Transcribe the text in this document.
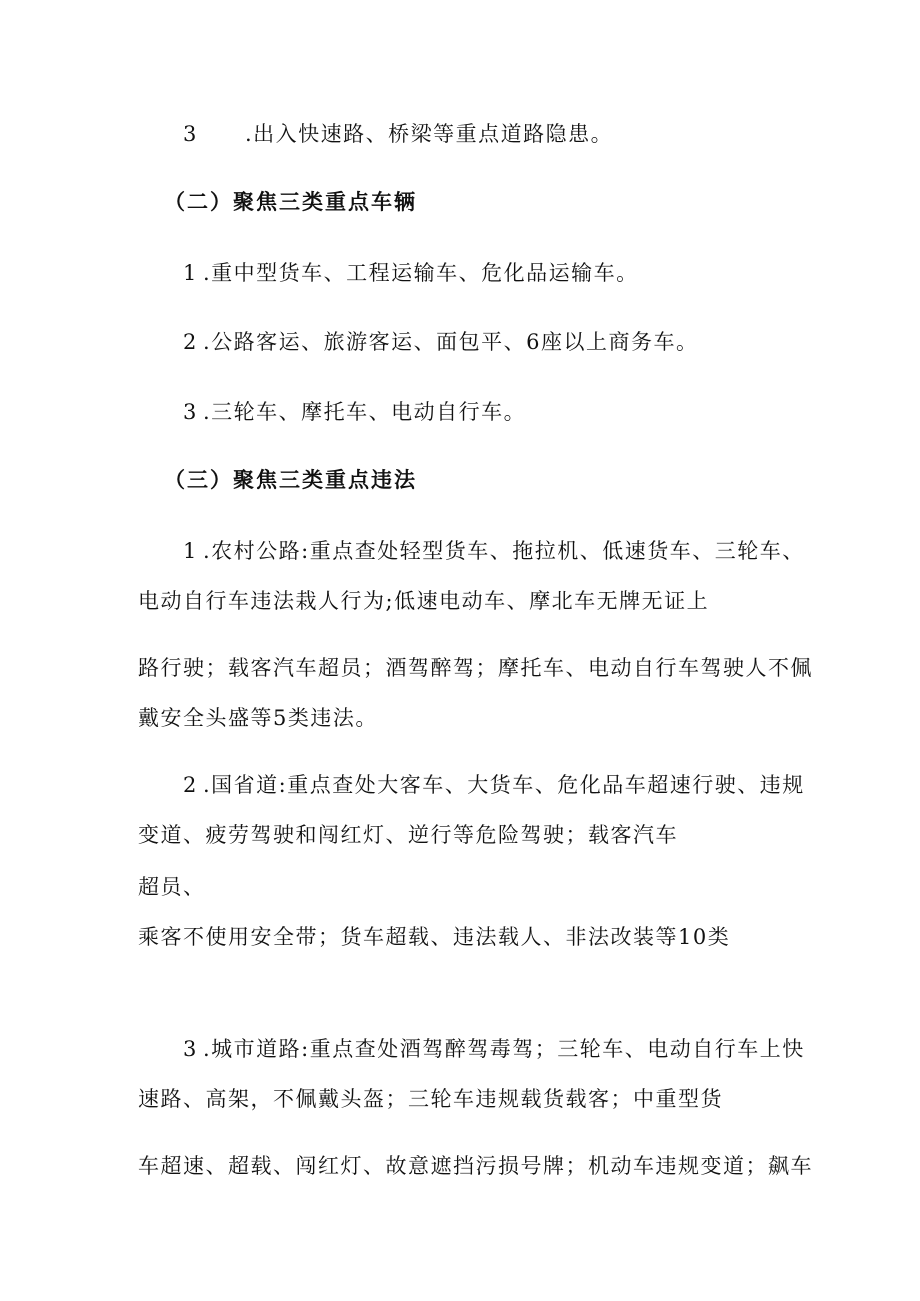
3 .出入快速路、桥梁等重点道路隐患。
（二）聚焦三类重点车辆
1 .重中型货车、工程运输车、危化品运输车。
2 .公路客运、旅游客运、面包平、6座以上商务车。
3 .三轮车、摩托车、电动自行车。
（三）聚焦三类重点违法
1 .农村公路:重点查处轻型货车、拖拉机、低速货车、三轮车、
电动自行车违法栽人行为;低速电动车、摩北车无牌无证上
路行驶；载客汽车超员；酒驾醉驾；摩托车、电动自行车驾驶人不佩
戴安全头盛等5类违法。
2 .国省道:重点查处大客车、大货车、危化品车超速行驶、违规
变道、疲劳驾驶和闯红灯、逆行等危险驾驶；载客汽车
超员、
乘客不使用安全带；货车超载、违法载人、非法改装等10类
3 .城市道路:重点查处酒驾醉驾毒驾；三轮车、电动自行车上快
速路、高架，不佩戴头盔；三轮车违规载货载客；中重型货
车超速、超载、闯红灯、故意遮挡污损号牌；机动车违规变道；飙车
